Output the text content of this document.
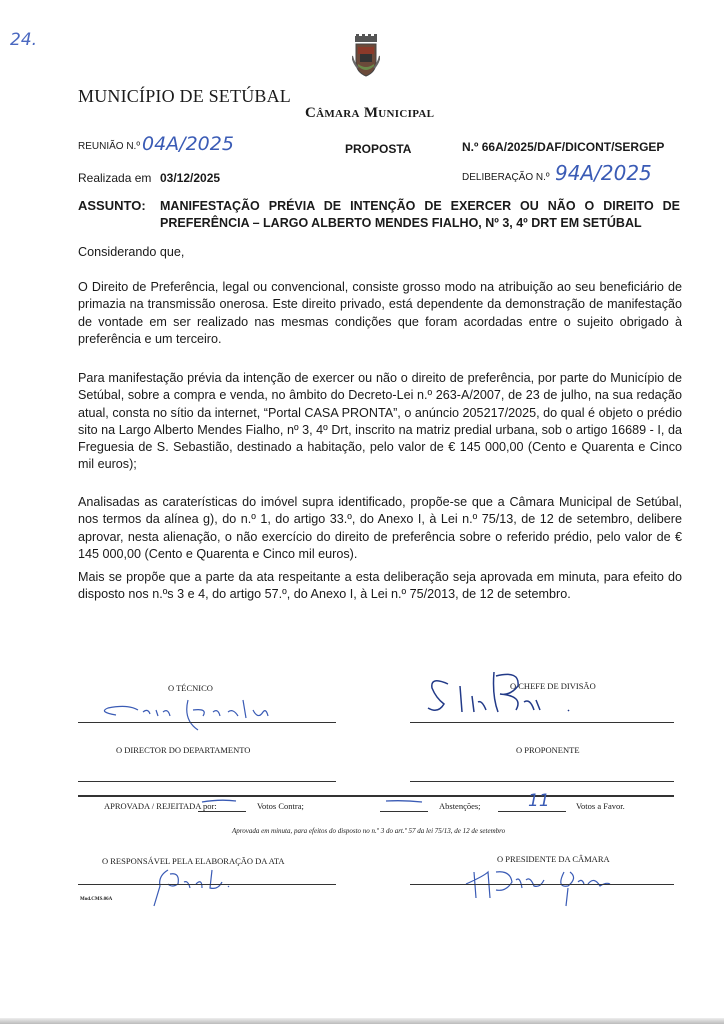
24.
MUNICÍPIO DE SETÚBAL
Câmara Municipal
REUNIÃO N.º 04A/2025	PROPOSTA	N.º 66A/2025/DAF/DICONT/SERGEP
Realizada em 03/12/2025	DELIBERAÇÃO N.º 94A/2025
ASSUNTO: MANIFESTAÇÃO PRÉVIA DE INTENÇÃO DE EXERCER OU NÃO O DIREITO DE PREFERÊNCIA – LARGO ALBERTO MENDES FIALHO, Nº 3, 4º DRT EM SETÚBAL
Considerando que,
O Direito de Preferência, legal ou convencional, consiste grosso modo na atribuição ao seu beneficiário de primazia na transmissão onerosa. Este direito privado, está dependente da demonstração de manifestação de vontade em ser realizado nas mesmas condições que foram acordadas entre o sujeito obrigado à preferência e um terceiro.
Para manifestação prévia da intenção de exercer ou não o direito de preferência, por parte do Município de Setúbal, sobre a compra e venda, no âmbito do Decreto-Lei n.º 263-A/2007, de 23 de julho, na sua redação atual, consta no sítio da internet, “Portal CASA PRONTA”, o anúncio 205217/2025, do qual é objeto o prédio sito na Largo Alberto Mendes Fialho, nº 3, 4º Drt, inscrito na matriz predial urbana, sob o artigo 16689 - I, da Freguesia de S. Sebastião, destinado a habitação, pelo valor de € 145 000,00 (Cento e Quarenta e Cinco mil euros);
Analisadas as caraterísticas do imóvel supra identificado, propõe-se que a Câmara Municipal de Setúbal, nos termos da alínea g), do n.º 1, do artigo 33.º, do Anexo I, à Lei n.º 75/13, de 12 de setembro, delibere aprovar, nesta alienação, o não exercício do direito de preferência sobre o referido prédio, pelo valor de € 145 000,00 (Cento e Quarenta e Cinco mil euros).
Mais se propõe que a parte da ata respeitante a esta deliberação seja aprovada em minuta, para efeito do disposto nos n.ºs 3 e 4, do artigo 57.º, do Anexo I, à Lei n.º 75/2013, de 12 de setembro.
O TÉCNICO	O CHEFE DE DIVISÃO
O DIRECTOR DO DEPARTAMENTO	O PROPONENTE
APROVADA / REJEITADA por:	Votos Contra;	Abstenções;	11	Votos a Favor.
Aprovada em minuta, para efeitos do disposto no n.º 3 do art.º 57 da lei 75/13, de 12 de setembro
O RESPONSÁVEL PELA ELABORAÇÃO DA ATA
Mod.CMS.06A
O PRESIDENTE DA CÂMARA
